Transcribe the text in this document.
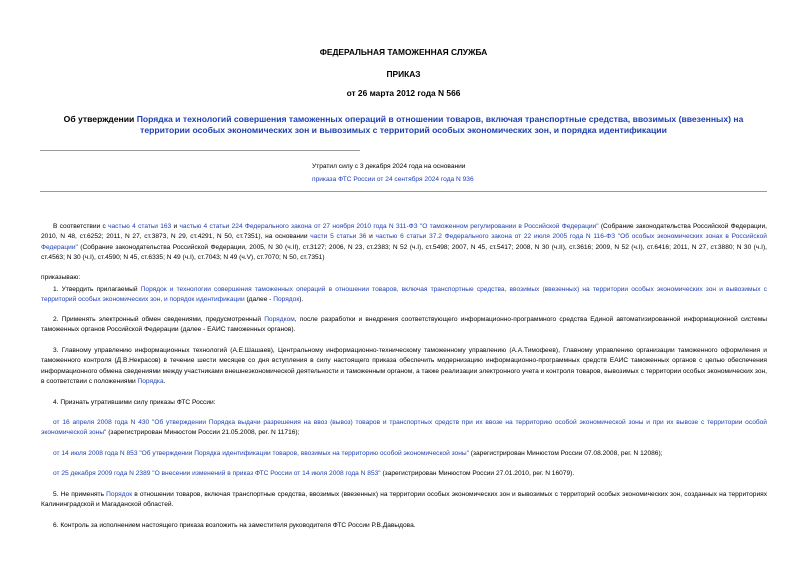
ФЕДЕРАЛЬНАЯ ТАМОЖЕННАЯ СЛУЖБА
ПРИКАЗ
от 26 марта 2012 года N 566
Об утверждении Порядка и технологий совершения таможенных операций в отношении товаров, включая транспортные средства, ввозимых (ввезенных) на территории особых экономических зон и вывозимых с территорий особых экономических зон, и порядка идентификации
Утратил силу с 3 декабря 2024 года на основании
приказа ФТС России от 24 сентября 2024 года N 936
В соответствии с частью 4 статьи 163 и частью 4 статьи 224 Федерального закона от 27 ноября 2010 года N 311-ФЗ "О таможенном регулировании в Российской Федерации" (Собрание законодательства Российской Федерации, 2010, N 48, ст.6252; 2011, N 27, ст.3873, N 29, ст.4291, N 50, ст.7351), на основании части 5 статьи 36 и частью 6 статьи 37.2 Федерального закона от 22 июля 2005 года N 116-ФЗ "Об особых экономических зонах в Российской Федерации" (Собрание законодательства Российской Федерации, 2005, N 30 (ч.II), ст.3127; 2006, N 23, ст.2383; N 52 (ч.I), ст.5498; 2007, N 45, ст.5417; 2008, N 30 (ч.II), ст.3616; 2009, N 52 (ч.I), ст.6416; 2011, N 27, ст.3880; N 30 (ч.I), ст.4563; N 30 (ч.I), ст.4590; N 45, ст.6335; N 49 (ч.I), ст.7043; N 49 (ч.V), ст.7070; N 50, ст.7351)
приказываю:
1. Утвердить прилагаемый Порядок и технологии совершения таможенных операций в отношении товаров, включая транспортные средства, ввозимых (ввезенных) на территории особых экономических зон и вывозимых с территорий особых экономических зон, и порядок идентификации (далее - Порядок).
2. Применять электронный обмен сведениями, предусмотренный Порядком, после разработки и внедрения соответствующего информационно-программного средства Единой автоматизированной информационной системы таможенных органов Российской Федерации (далее - ЕАИС таможенных органов).
3. Главному управлению информационных технологий (А.Е.Шашаев), Центральному информационно-техническому таможенному управлению (А.А.Тимофеев), Главному управлению организации таможенного оформления и таможенного контроля (Д.В.Некрасов) в течение шести месяцев со дня вступления в силу настоящего приказа обеспечить модернизацию информационно-программных средств ЕАИС таможенных органов с целью обеспечения информационного обмена сведениями между участниками внешнеэкономической деятельности и таможенным органом, а также реализации электронного учета и контроля товаров, вывозимых с территории особых экономических зон, в соответствии с положениями Порядка.
4. Признать утратившими силу приказы ФТС России:
от 16 апреля 2008 года N 430 "Об утверждении Порядка выдачи разрешения на ввоз (вывоз) товаров и транспортных средств при их ввозе на территорию особой экономической зоны и при их вывозе с территории особой экономической зоны" (зарегистрирован Минюстом России 21.05.2008, рег. N 11716);
от 14 июля 2008 года N 853 "Об утверждении Порядка идентификации товаров, ввозимых на территорию особой экономической зоны" (зарегистрирован Минюстом России 07.08.2008, рег. N 12086);
от 25 декабря 2009 года N 2389 "О внесении изменений в приказ ФТС России от 14 июля 2008 года N 853" (зарегистрирован Минюстом России 27.01.2010, рег. N 16079).
5. Не применять Порядок в отношении товаров, включая транспортные средства, ввозимых (ввезенных) на территории особых экономических зон и вывозимых с территорий особых экономических зон, созданных на территориях Калининградской и Магаданской областей.
6. Контроль за исполнением настоящего приказа возложить на заместителя руководителя ФТС России Р.В.Давыдова.
